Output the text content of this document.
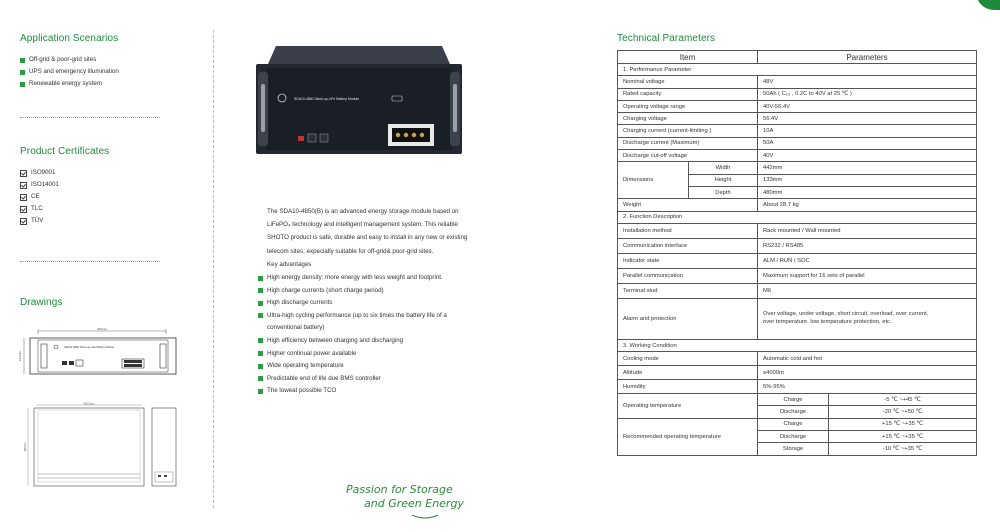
Application Scenarios
Off-grid & poor-grid sites
UPS and emergency illumination
Renewable energy system
Product Certificates
ISO9001
ISO14001
CE
TLC
TÜV
Drawings
442mm
133mm
SDA10-4850 Shoot-up LiFe Battery Module
410.5mm
480mm
SDA10-4850 Stack-up LiFe Battery Module
The SDA10-4850(B) is an advanced energy storage module based on
LiFePO₄ technology and intelligent management system. This reliable
SHOTO product is safe, durable and easy to install in any new or existing
telecom sites; expecially suitable for off-grid& poor-grid sites.
Key advantages
High energy density: more energy with less weight and footprint.
High charge currents (short charge period)
High discharge currents
Ultra-high cycling performance (up to six times the battery life of a conventional battery)
High efficiency between charging and discharging
Higher continual power available
Wide operating temperature
Predictable end of life due BMS controller
The loweat possible TCO
Passion for Storage
and Green Energy
Technical Parameters
Item		Parameters	
1. Performance Parameter			
Nominal voltage		48V	
Rated capacity		50Ah ( C₁₀ , 0.2C to 40V at 25 ℃ )	
Operating voltage range		40V-56.4V	
Charging voltage		56.4V	
Charging current (current-limiting )		10A	
Discharge current (Maximum)		50A	
Discharge cut-off voltage		40V	
Dimensions	Width	442mm	
	Height	133mm	
	Depth	480mm	
Weight		About 28.7 kg	
2. Function Description			
Installation method		Rack mounted / Wall mounted	
Communication interface		RS232 / RS485	
Indicator state		ALM / RUN / SOC	
Parallel communication		Maximum support for 16 sets of parallel	
Terminal stud		M6	
Alarm and protection		Over voltage, under voltage, short circuit, overload, over current,
over temperature, low temperature protection, etc.	

3. Working Condition			
Cooling mode		Automatic cold and hot	
Altitude		≤4000m	
Humidity		5%-95%	
Operating temperature		Charge	-5 ℃ ~+45 ℃
		Discharge	-20 ℃ ~+50 ℃
Recommended operating temperature		Charge	+15 ℃ ~+35 ℃
		Discharge	+15 ℃ ~+35 ℃
		Storage	-10 ℃ ~+35 ℃
